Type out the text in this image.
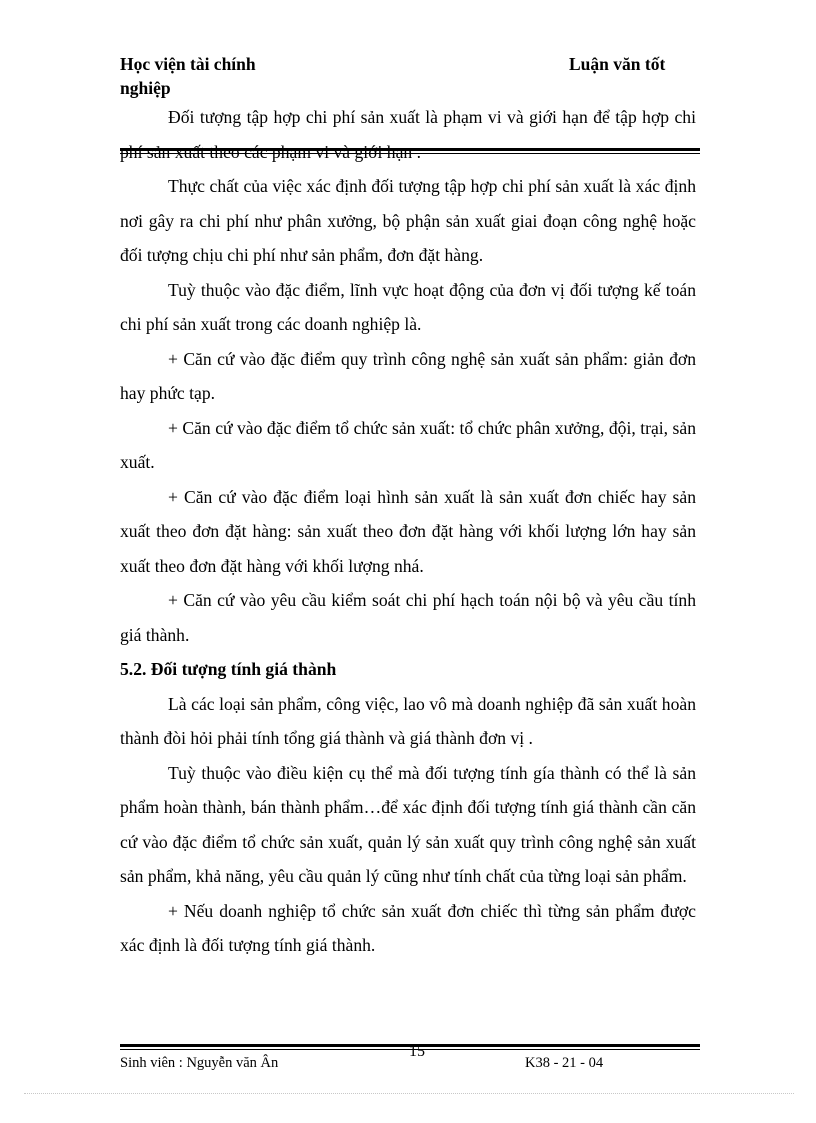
Học viện tài chính
nghiệp
Luận văn tốt

Đối tượng tập hợp chi phí sản xuất là phạm vi và giới hạn để tập hợp chi phí sản xuất theo các phạm vi và giới hạn .

Thực chất của việc xác định đối tượng tập hợp chi phí sản xuất là xác định nơi gây ra chi phí như phân xưởng, bộ phận sản xuất giai đoạn công nghệ hoặc đối tượng chịu chi phí như sản phẩm, đơn đặt hàng.

Tuỳ thuộc vào đặc điểm, lĩnh vực hoạt động của đơn vị đối tượng kế toán chi phí sản xuất trong các doanh nghiệp là.

+ Căn cứ vào đặc điểm quy trình công nghệ sản xuất sản phẩm: giản đơn hay phức tạp.

+ Căn cứ vào đặc điểm tổ chức sản xuất: tổ chức phân xưởng, đội, trại, sản xuất.

+ Căn cứ vào đặc điểm loại hình sản xuất là sản xuất đơn chiếc hay sản xuất theo đơn đặt hàng: sản xuất theo đơn đặt hàng với khối lượng lớn hay sản xuất theo đơn đặt hàng với khối lượng nhá.

+ Căn cứ vào yêu cầu kiểm soát chi phí hạch toán nội bộ và yêu cầu tính giá thành.

5.2. Đối tượng tính giá thành

Là các loại sản phẩm, công việc, lao vô mà doanh nghiệp đã sản xuất hoàn thành đòi hỏi phải tính tổng giá thành và giá thành đơn vị .

Tuỳ thuộc vào điều kiện cụ thể mà đối tượng tính gía thành có thể là sản phẩm hoàn thành, bán thành phẩm…để xác định đối tượng tính giá thành cần căn cứ vào đặc điểm tổ chức sản xuất, quản lý sản xuất quy trình công nghệ sản xuất sản phẩm, khả năng, yêu cầu quản lý cũng như tính chất của từng loại sản phẩm.

+ Nếu doanh nghiệp tổ chức sản xuất đơn chiếc thì từng sản phẩm được xác định là đối tượng tính giá thành.

Sinh viên : Nguyễn văn Ân
15
K38 - 21 - 04
